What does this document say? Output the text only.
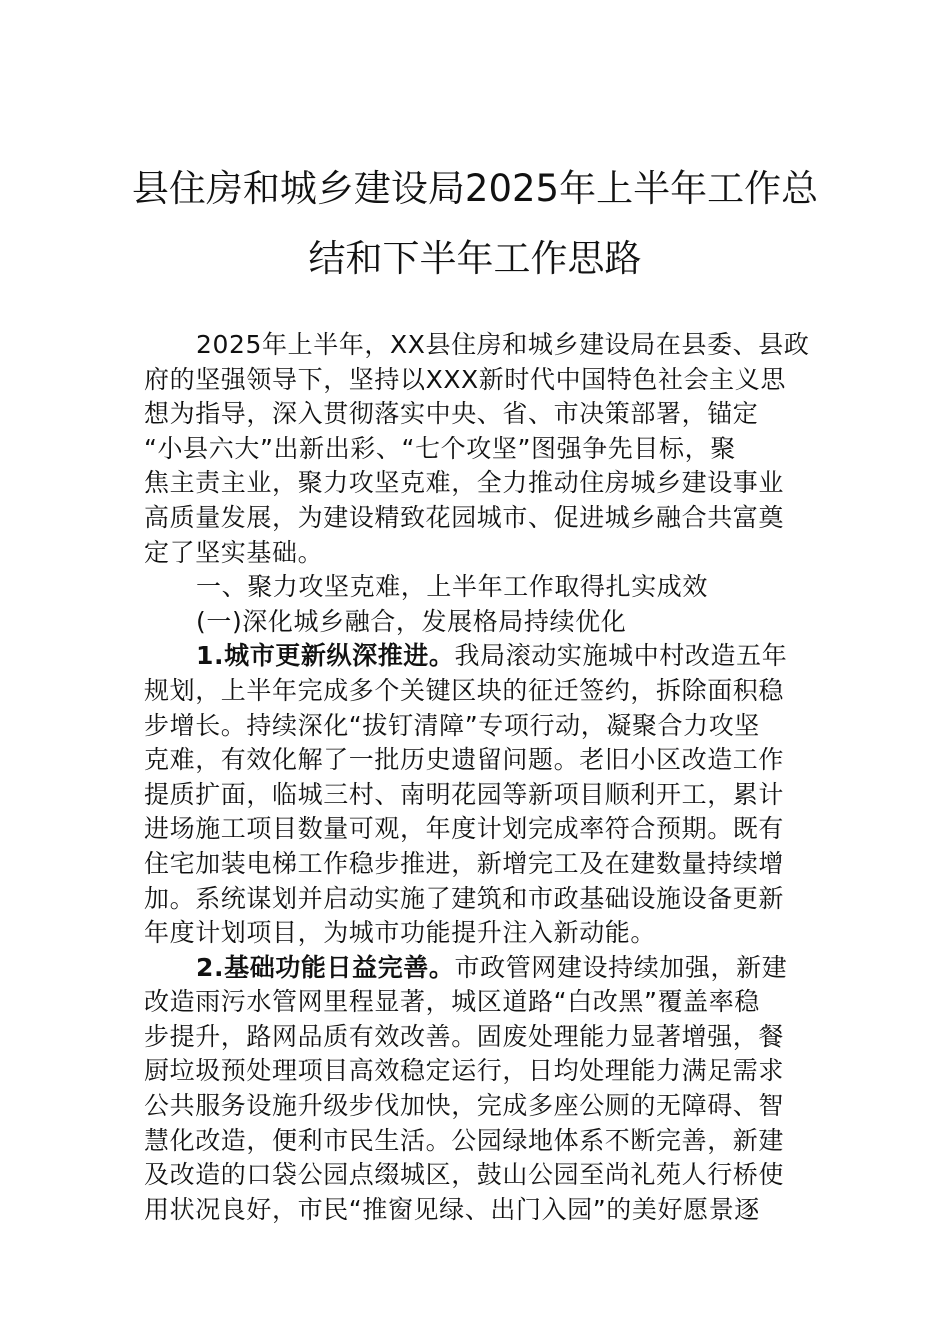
县住房和城乡建设局2025年上半年工作总
结和下半年工作思路

2025年上半年，XX县住房和城乡建设局在县委、县政
府的坚强领导下，坚持以XXX新时代中国特色社会主义思
想为指导，深入贯彻落实中央、省、市决策部署，锚定
“小县六大”出新出彩、“七个攻坚”图强争先目标，聚
焦主责主业，聚力攻坚克难，全力推动住房城乡建设事业
高质量发展，为建设精致花园城市、促进城乡融合共富奠
定了坚实基础。

一、聚力攻坚克难，上半年工作取得扎实成效

(一)深化城乡融合，发展格局持续优化

1.城市更新纵深推进。我局滚动实施城中村改造五年
规划，上半年完成多个关键区块的征迁签约，拆除面积稳
步增长。持续深化“拔钉清障”专项行动，凝聚合力攻坚
克难，有效化解了一批历史遗留问题。老旧小区改造工作
提质扩面，临城三村、南明花园等新项目顺利开工，累计
进场施工项目数量可观，年度计划完成率符合预期。既有
住宅加装电梯工作稳步推进，新增完工及在建数量持续增
加。系统谋划并启动实施了建筑和市政基础设施设备更新
年度计划项目，为城市功能提升注入新动能。

2.基础功能日益完善。市政管网建设持续加强，新建
改造雨污水管网里程显著，城区道路“白改黑”覆盖率稳
步提升，路网品质有效改善。固废处理能力显著增强，餐
厨垃圾预处理项目高效稳定运行，日均处理能力满足需求
公共服务设施升级步伐加快，完成多座公厕的无障碍、智
慧化改造，便利市民生活。公园绿地体系不断完善，新建
及改造的口袋公园点缀城区，鼓山公园至尚礼苑人行桥使
用状况良好，市民“推窗见绿、出门入园”的美好愿景逐
